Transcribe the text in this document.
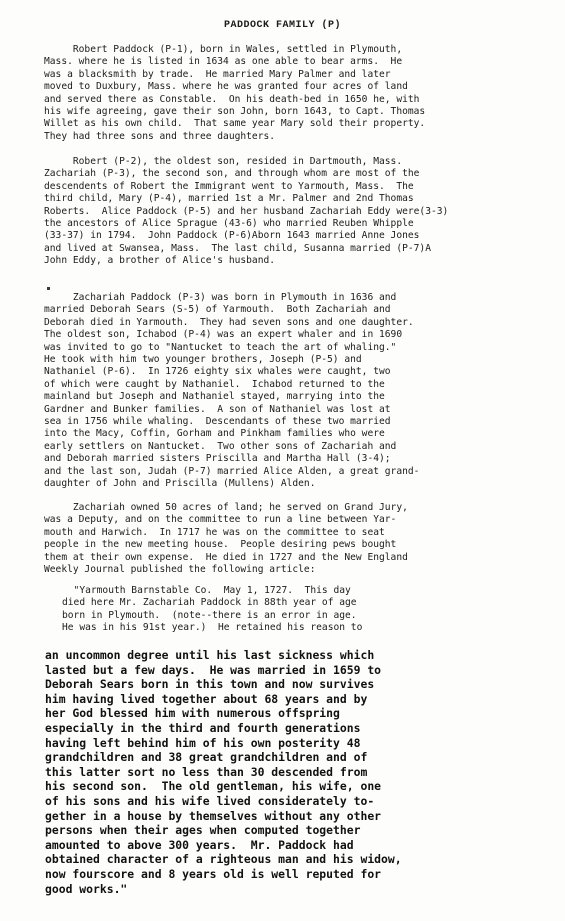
PADDOCK FAMILY (P)
Robert Paddock (P-1), born in Wales, settled in Plymouth,
Mass. where he is listed in 1634 as one able to bear arms.  He
was a blacksmith by trade.  He married Mary Palmer and later
moved to Duxbury, Mass. where he was granted four acres of land
and served there as Constable.  On his death-bed in 1650 he, with
his wife agreeing, gave their son John, born 1643, to Capt. Thomas
Willet as his own child.  That same year Mary sold their property.
They had three sons and three daughters.
Robert (P-2), the oldest son, resided in Dartmouth, Mass.
Zachariah (P-3), the second son, and through whom are most of the
descendents of Robert the Immigrant went to Yarmouth, Mass.  The
third child, Mary (P-4), married 1st a Mr. Palmer and 2nd Thomas
Roberts.  Alice Paddock (P-5) and her husband Zachariah Eddy were(3-3)
the ancestors of Alice Sprague (43-6) who married Reuben Whipple
(33-37) in 1794.  John Paddock (P-6)Aborn 1643 married Anne Jones
and lived at Swansea, Mass.  The last child, Susanna married (P-7)A
John Eddy, a brother of Alice's husband.
Zachariah Paddock (P-3) was born in Plymouth in 1636 and
married Deborah Sears (S-5) of Yarmouth.  Both Zachariah and
Deborah died in Yarmouth.  They had seven sons and one daughter.
The oldest son, Ichabod (P-4) was an expert whaler and in 1690
was invited to go to "Nantucket to teach the art of whaling."
He took with him two younger brothers, Joseph (P-5) and
Nathaniel (P-6).  In 1726 eighty six whales were caught, two
of which were caught by Nathaniel.  Ichabod returned to the
mainland but Joseph and Nathaniel stayed, marrying into the
Gardner and Bunker families.  A son of Nathaniel was lost at
sea in 1756 while whaling.  Descendants of these two married
into the Macy, Coffin, Gorham and Pinkham families who were
early settlers on Nantucket.  Two other sons of Zachariah and
and Deborah married sisters Priscilla and Martha Hall (3-4);
and the last son, Judah (P-7) married Alice Alden, a great grand-
daughter of John and Priscilla (Mullens) Alden.
Zachariah owned 50 acres of land; he served on Grand Jury,
was a Deputy, and on the committee to run a line between Yar-
mouth and Harwich.  In 1717 he was on the committee to seat
people in the new meeting house.  People desiring pews bought
them at their own expense.  He died in 1727 and the New England
Weekly Journal published the following article:
"Yarmouth Barnstable Co.  May 1, 1727.  This day
died here Mr. Zachariah Paddock in 88th year of age
born in Plymouth.  (note--there is an error in age.
He was in his 91st year.)  He retained his reason to
an uncommon degree until his last sickness which
lasted but a few days.  He was married in 1659 to
Deborah Sears born in this town and now survives
him having lived together about 68 years and by
her God blessed him with numerous offspring
especially in the third and fourth generations
having left behind him of his own posterity 48
grandchildren and 38 great grandchildren and of
this latter sort no less than 30 descended from
his second son.  The old gentleman, his wife, one
of his sons and his wife lived considerately to-
gether in a house by themselves without any other
persons when their ages when computed together
amounted to above 300 years.  Mr. Paddock had
obtained character of a righteous man and his widow,
now fourscore and 8 years old is well reputed for
good works."
